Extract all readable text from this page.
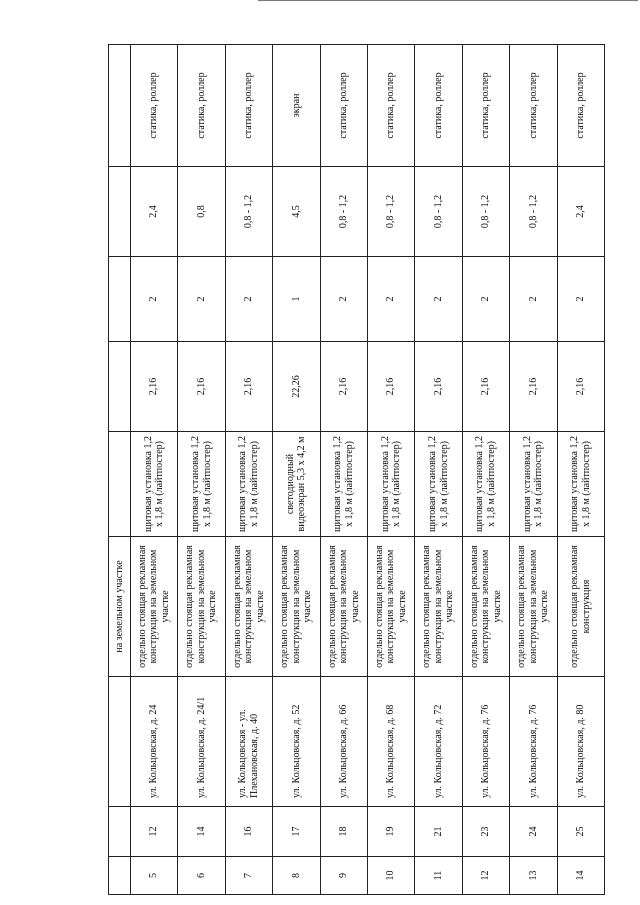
			на земельном участке					
5	12	ул. Кольцовская, д. 24	отдельно стоящая рекламная конструкция на земельном участке	щитовая установка 1,2 х 1,8 м (лайтпостер)	2,16	2	2,4	статика, роллер
6	14	ул. Кольцовская, д. 24/1	отдельно стоящая рекламная конструкция на земельном участке	щитовая установка 1,2 х 1,8 м (лайтпостер)	2,16	2	0,8	статика, роллер
7	16	ул. Кольцовская - ул. Плехановская, д. 40	отдельно стоящая рекламная конструкция на земельном участке	щитовая установка 1,2 х 1,8 м (лайтпостер)	2,16	2	0,8 - 1,2	статика, роллер
8	17	ул. Кольцовская, д. 52	отдельно стоящая рекламная конструкция на земельном участке	светодиодный видеоэкран 5,3 х 4,2 м	22,26	1	4,5	экран
9	18	ул. Кольцовская, д. 66	отдельно стоящая рекламная конструкция на земельном участке	щитовая установка 1,2 х 1,8 м (лайтпостер)	2,16	2	0,8 - 1,2	статика, роллер
10	19	ул. Кольцовская, д. 68	отдельно стоящая рекламная конструкция на земельном участке	щитовая установка 1,2 х 1,8 м (лайтпостер)	2,16	2	0,8 - 1,2	статика, роллер
11	21	ул. Кольцовская, д. 72	отдельно стоящая рекламная конструкция на земельном участке	щитовая установка 1,2 х 1,8 м (лайтпостер)	2,16	2	0,8 - 1,2	статика, роллер
12	23	ул. Кольцовская, д. 76	отдельно стоящая рекламная конструкция на земельном участке	щитовая установка 1,2 х 1,8 м (лайтпостер)	2,16	2	0,8 - 1,2	статика, роллер
13	24	ул. Кольцовская, д. 76	отдельно стоящая рекламная конструкция на земельном участке	щитовая установка 1,2 х 1,8 м (лайтпостер)	2,16	2	0,8 - 1,2	статика, роллер
14	25	ул. Кольцовская, д. 80	отдельно стоящая рекламная конструкция	щитовая установка 1,2 х 1,8 м (лайтпостер)	2,16	2	2,4	статика, роллер
